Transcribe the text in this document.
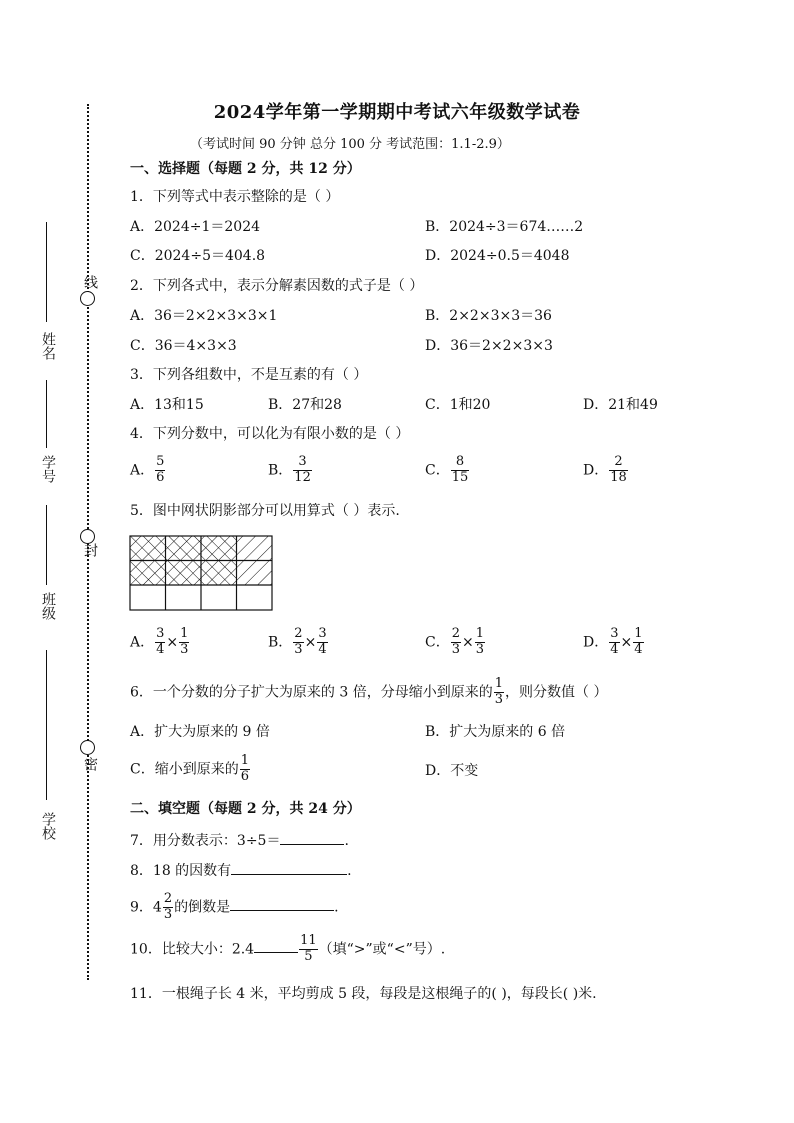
线
封
密
姓名
学号
班级
学校
2024学年第一学期期中考试六年级数学试卷
（考试时间 90 分钟 总分 100 分 考试范围：1.1-2.9）
一、选择题（每题 2 分，共 12 分）
1．下列等式中表示整除的是（ ）
A．2024÷1＝2024	B．2024÷3＝674……2
C．2024÷5＝404.8	D．2024÷0.5＝4048
2．下列各式中，表示分解素因数的式子是（ ）
A．36＝2×2×3×3×1	B．2×2×3×3＝36
C．36＝4×3×3	D．36＝2×2×3×3
3．下列各组数中，不是互素的有（ ）
A．13和15	B．27和28	C．1和20	D．21和49
4．下列分数中，可以化为有限小数的是（ ）
A． $\frac{5}{6}$	B． $\frac{3}{12}$	C． $\frac{8}{15}$	D． $\frac{2}{18}$
5．图中网状阴影部分可以用算式（ ）表示.
A． $\frac{3}{4} \times \frac{1}{3}$	B． $\frac{2}{3} \times \frac{3}{4}$	C． $\frac{2}{3} \times \frac{1}{3}$	D． $\frac{3}{4} \times \frac{1}{4}$
6．一个分数的分子扩大为原来的 3 倍，分母缩小到原来的 $\frac{1}{3}$ ，则分数值（ ）
A．扩大为原来的 9 倍	B．扩大为原来的 6 倍
C．缩小到原来的 $\frac{1}{6}$	D．不变
二、填空题（每题 2 分，共 24 分）
7．用分数表示：3÷5＝	.
8．18 的因数有	.
9．$4 \frac{2}{3}$ 的倒数是	.
10．比较大小：2.4	$\frac{11}{5}$ （填“>”或“<”号）.
11．一根绳子长 4 米，平均剪成 5 段，每段是这根绳子的( )，每段长( )米.
